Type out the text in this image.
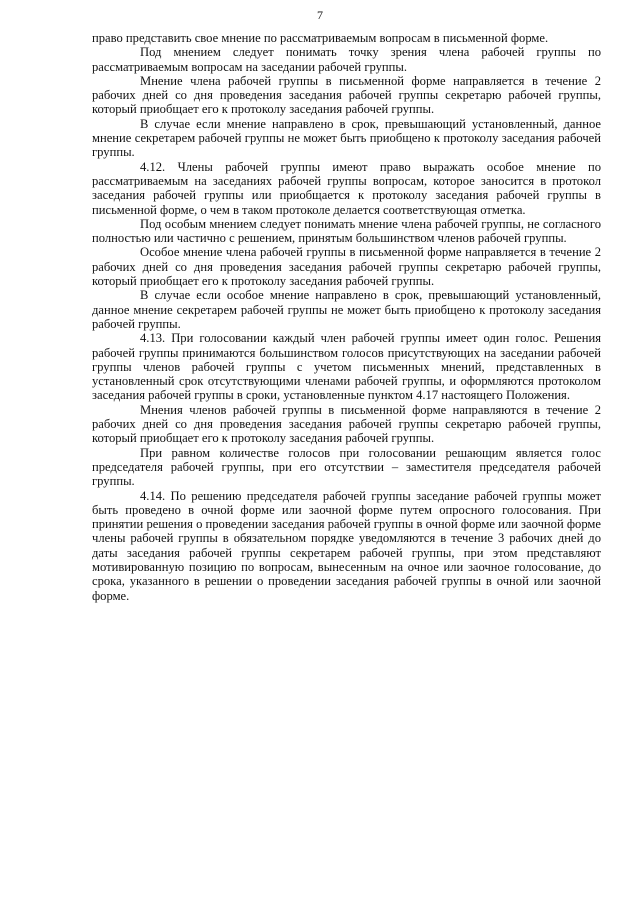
7

право представить свое мнение по рассматриваемым вопросам в письменной форме.

Под мнением следует понимать точку зрения члена рабочей группы по рассматриваемым вопросам на заседании рабочей группы.

Мнение члена рабочей группы в письменной форме направляется в течение 2 рабочих дней со дня проведения заседания рабочей группы секретарю рабочей группы, который приобщает его к протоколу заседания рабочей группы.

В случае если мнение направлено в срок, превышающий установленный, данное мнение секретарем рабочей группы не может быть приобщено к протоколу заседания рабочей группы.

4.12. Члены рабочей группы имеют право выражать особое мнение по рассматриваемым на заседаниях рабочей группы вопросам, которое заносится в протокол заседания рабочей группы или приобщается к протоколу заседания рабочей группы в письменной форме, о чем в таком протоколе делается соответствующая отметка.

Под особым мнением следует понимать мнение члена рабочей группы, не согласного полностью или частично с решением, принятым большинством членов рабочей группы.

Особое мнение члена рабочей группы в письменной форме направляется в течение 2 рабочих дней со дня проведения заседания рабочей группы секретарю рабочей группы, который приобщает его к протоколу заседания рабочей группы.

В случае если особое мнение направлено в срок, превышающий установленный, данное мнение секретарем рабочей группы не может быть приобщено к протоколу заседания рабочей группы.

4.13. При голосовании каждый член рабочей группы имеет один голос. Решения рабочей группы принимаются большинством голосов присутствующих на заседании рабочей группы членов рабочей группы с учетом письменных мнений, представленных в установленный срок отсутствующими членами рабочей группы, и оформляются протоколом заседания рабочей группы в сроки, установленные пунктом 4.17 настоящего Положения.

Мнения членов рабочей группы в письменной форме направляются в течение 2 рабочих дней со дня проведения заседания рабочей группы секретарю рабочей группы, который приобщает его к протоколу заседания рабочей группы.

При равном количестве голосов при голосовании решающим является голос председателя рабочей группы, при его отсутствии – заместителя председателя рабочей группы.

4.14. По решению председателя рабочей группы заседание рабочей группы может быть проведено в очной форме или заочной форме путем опросного голосования. При принятии решения о проведении заседания рабочей группы в очной форме или заочной форме члены рабочей группы в обязательном порядке уведомляются в течение 3 рабочих дней до даты заседания рабочей группы секретарем рабочей группы, при этом представляют мотивированную позицию по вопросам, вынесенным на очное или заочное голосование, до срока, указанного в решении о проведении заседания рабочей группы в очной или заочной форме.
